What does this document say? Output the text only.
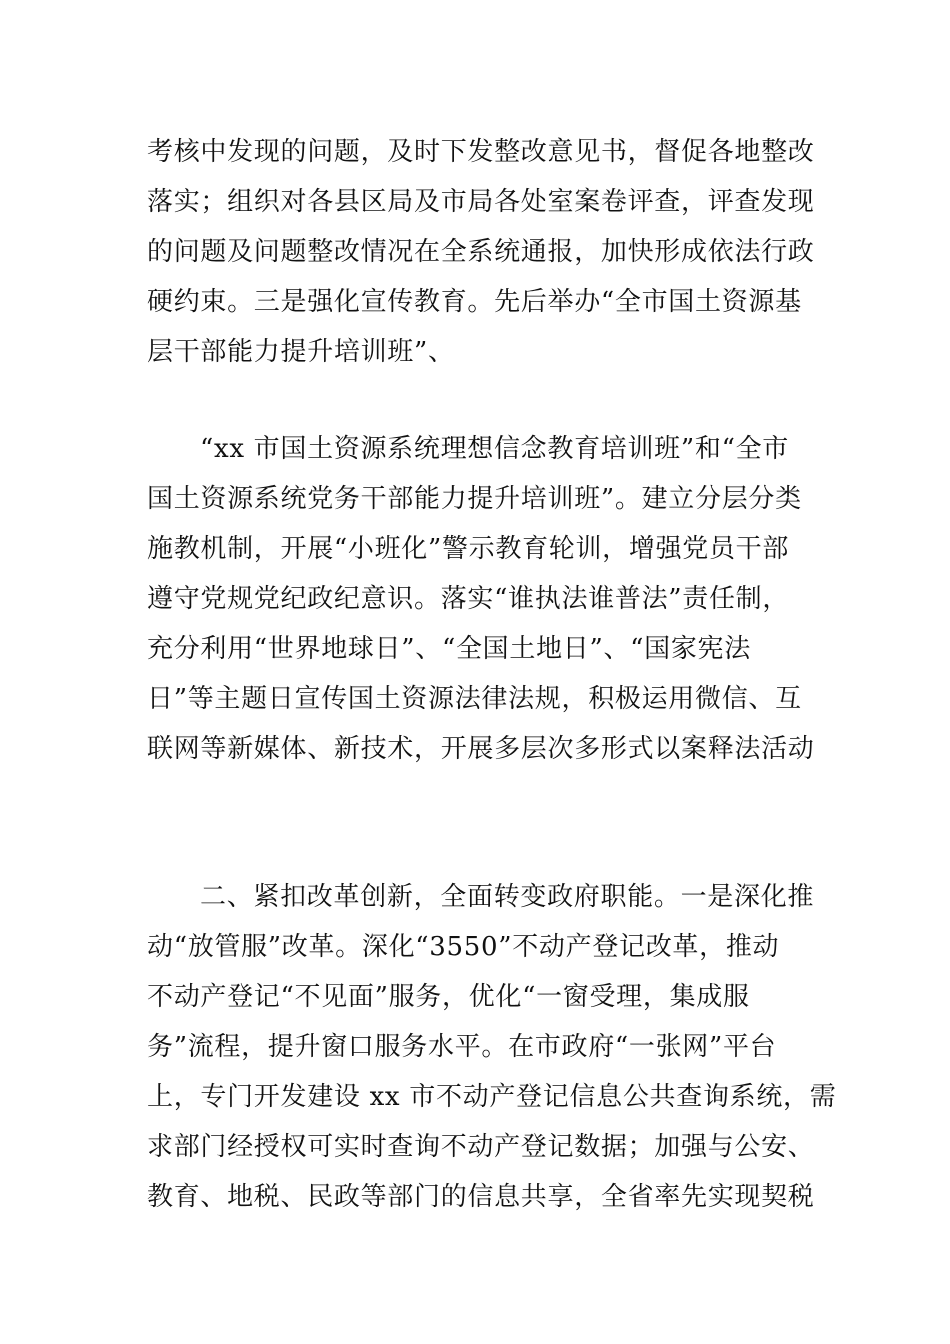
考核中发现的问题，及时下发整改意见书，督促各地整改
落实；组织对各县区局及市局各处室案卷评查，评查发现
的问题及问题整改情况在全系统通报，加快形成依法行政
硬约束。三是强化宣传教育。先后举办“全市国土资源基
层干部能力提升培训班”、
“xx 市国土资源系统理想信念教育培训班”和“全市
国土资源系统党务干部能力提升培训班”。建立分层分类
施教机制，开展“小班化”警示教育轮训，增强党员干部
遵守党规党纪政纪意识。落实“谁执法谁普法”责任制，
充分利用“世界地球日”、“全国土地日”、“国家宪法
日”等主题日宣传国土资源法律法规，积极运用微信、互
联网等新媒体、新技术，开展多层次多形式以案释法活动
二、紧扣改革创新，全面转变政府职能。一是深化推
动“放管服”改革。深化“3550”不动产登记改革，推动
不动产登记“不见面”服务，优化“一窗受理，集成服
务”流程，提升窗口服务水平。在市政府“一张网”平台
上，专门开发建设 xx 市不动产登记信息公共查询系统，需
求部门经授权可实时查询不动产登记数据；加强与公安、
教育、地税、民政等部门的信息共享，全省率先实现契税
